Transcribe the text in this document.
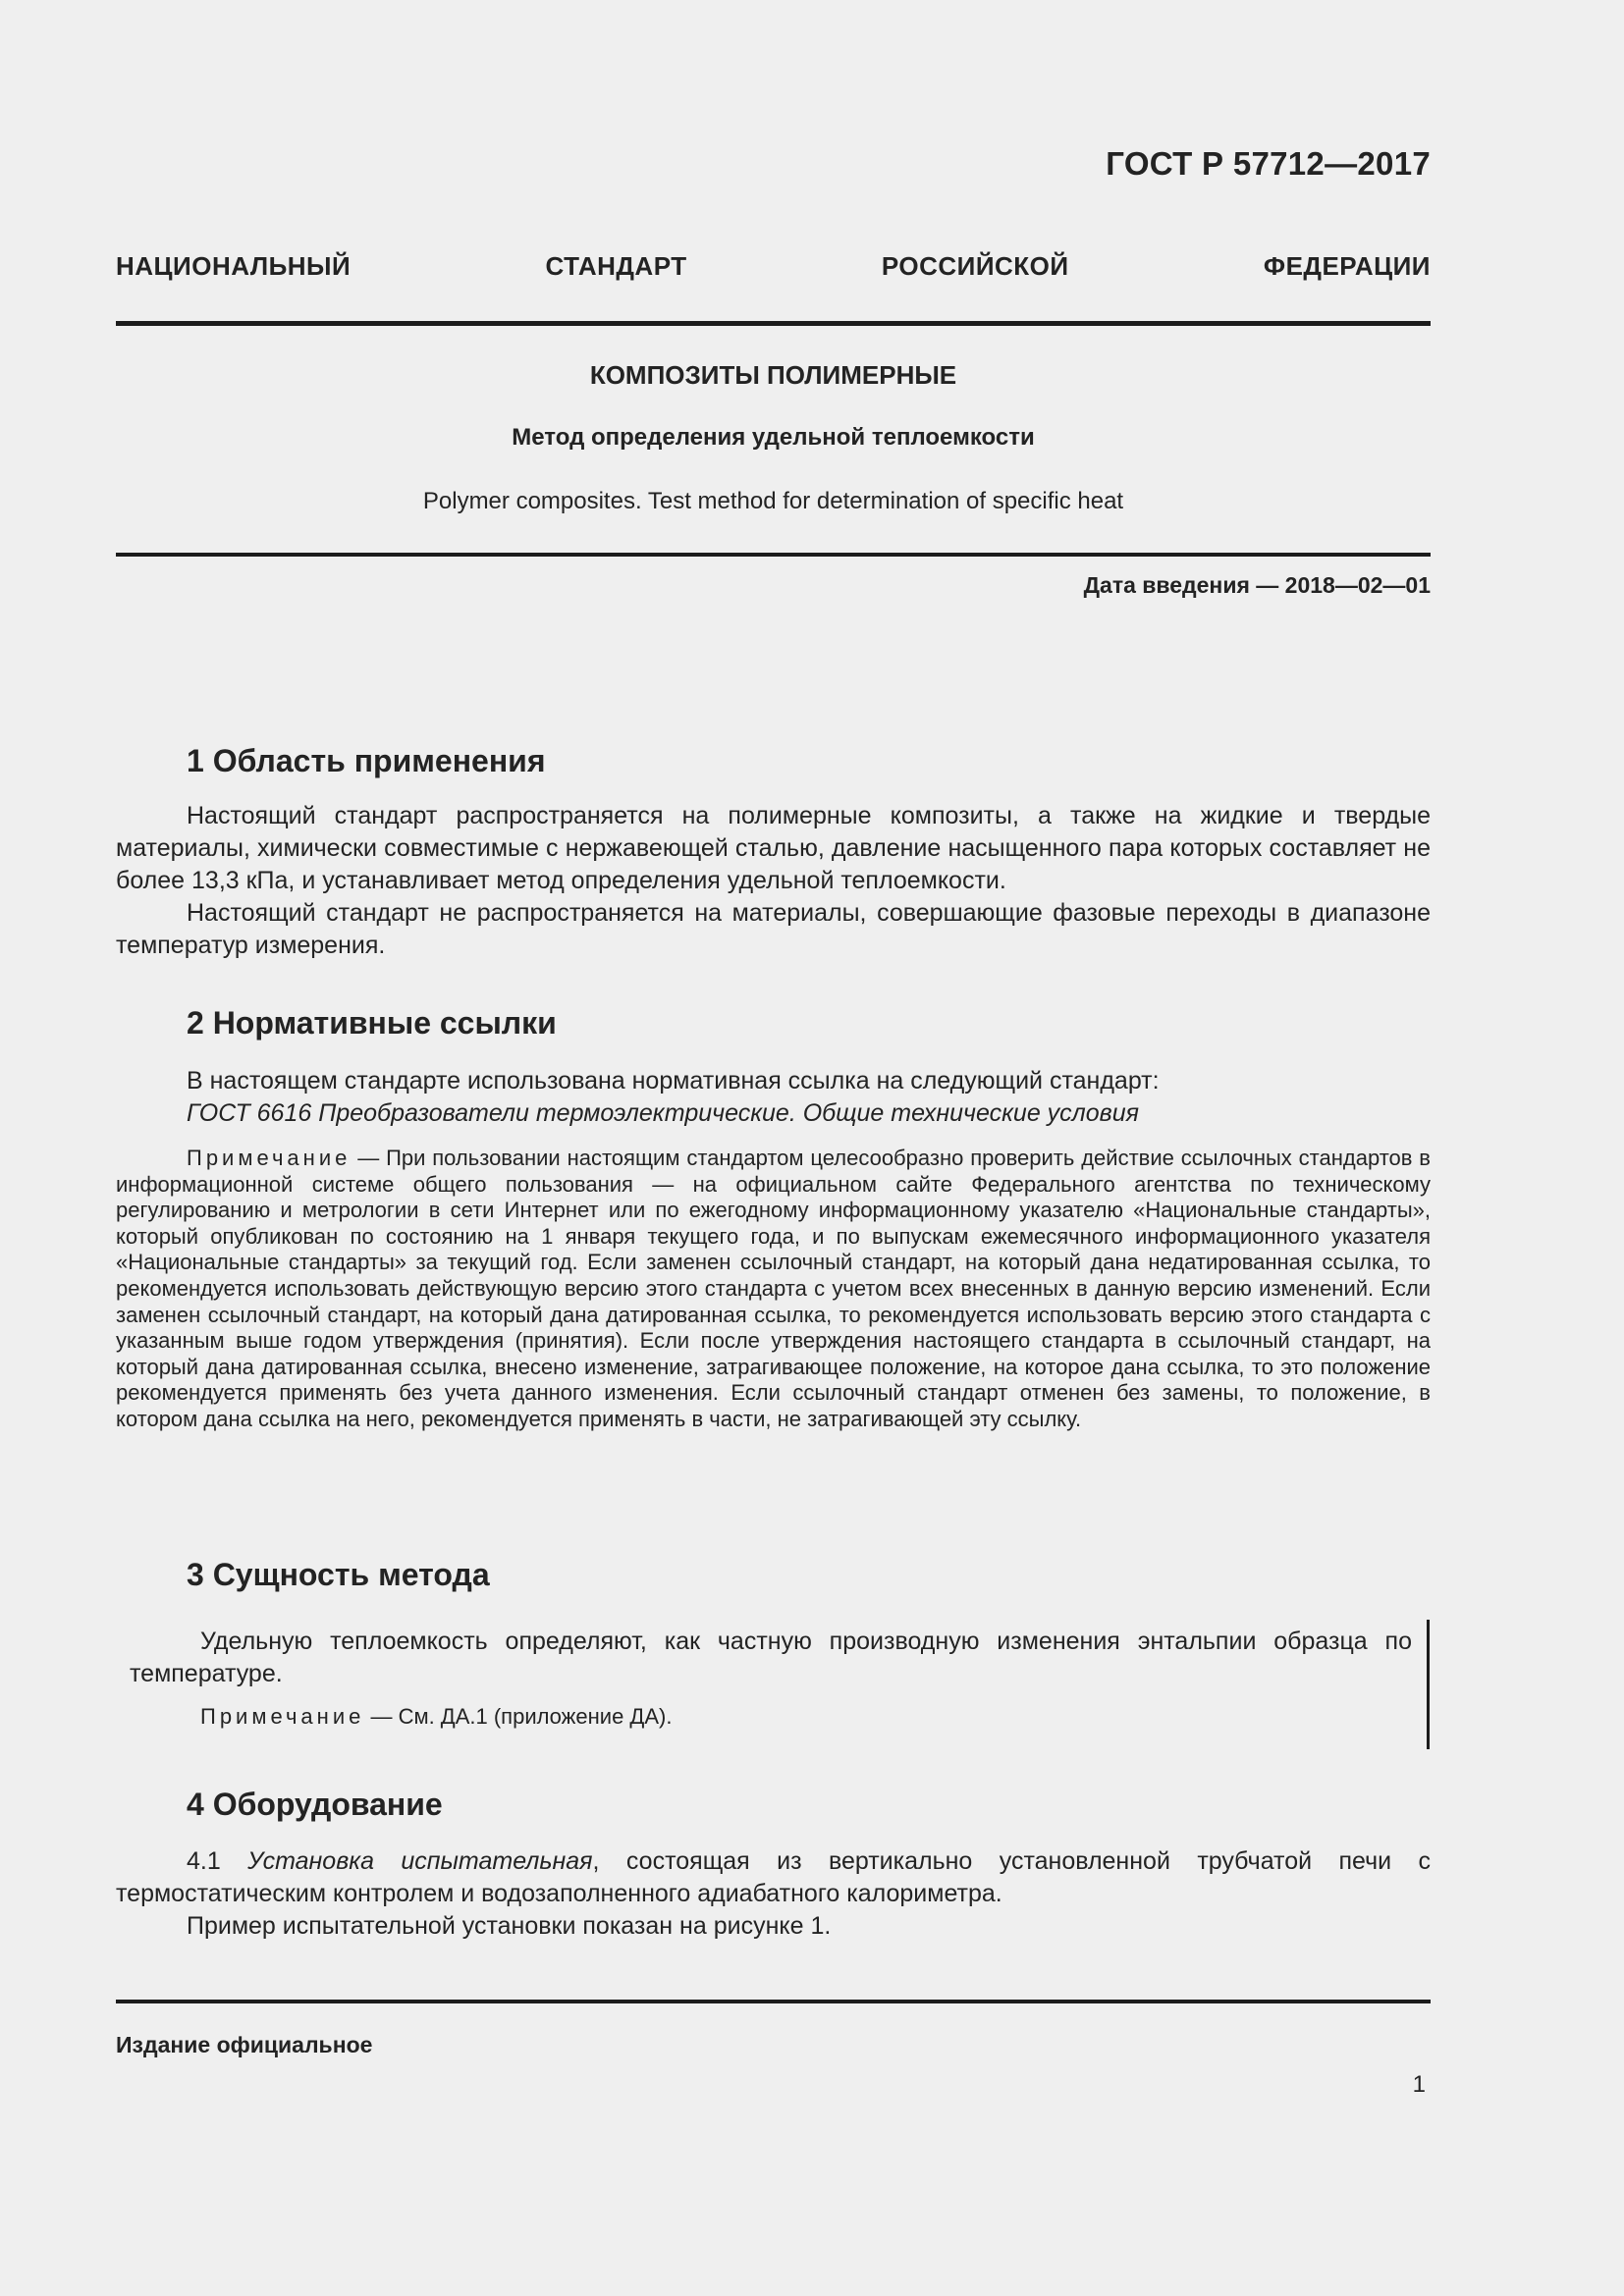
ГОСТ Р 57712—2017
НАЦИОНАЛЬНЫЙ СТАНДАРТ РОССИЙСКОЙ ФЕДЕРАЦИИ
КОМПОЗИТЫ ПОЛИМЕРНЫЕ
Метод определения удельной теплоемкости
Polymer composites. Test method for determination of specific heat
Дата введения — 2018—02—01
1 Область применения

Настоящий стандарт распространяется на полимерные композиты, а также на жидкие и твердые материалы, химически совместимые с нержавеющей сталью, давление насыщенного пара которых составляет не более 13,3 кПа, и устанавливает метод определения удельной теплоемкости.

Настоящий стандарт не распространяется на материалы, совершающие фазовые переходы в диапазоне температур измерения.

2 Нормативные ссылки

В настоящем стандарте использована нормативная ссылка на следующий стандарт:

ГОСТ 6616 Преобразователи термоэлектрические. Общие технические условия

Примечание — При пользовании настоящим стандартом целесообразно проверить действие ссылочных стандартов в информационной системе общего пользования — на официальном сайте Федерального агентства по техническому регулированию и метрологии в сети Интернет или по ежегодному информационному указателю «Национальные стандарты», который опубликован по состоянию на 1 января текущего года, и по выпускам ежемесячного информационного указателя «Национальные стандарты» за текущий год. Если заменен ссылочный стандарт, на который дана недатированная ссылка, то рекомендуется использовать действующую версию этого стандарта с учетом всех внесенных в данную версию изменений. Если заменен ссылочный стандарт, на который дана датированная ссылка, то рекомендуется использовать версию этого стандарта с указанным выше годом утверждения (принятия). Если после утверждения настоящего стандарта в ссылочный стандарт, на который дана датированная ссылка, внесено изменение, затрагивающее положение, на которое дана ссылка, то это положение рекомендуется применять без учета данного изменения. Если ссылочный стандарт отменен без замены, то положение, в котором дана ссылка на него, рекомендуется применять в части, не затрагивающей эту ссылку.

3 Сущность метода

Удельную теплоемкость определяют, как частную производную изменения энтальпии образца по температуре.

Примечание — См. ДА.1 (приложение ДА).

4 Оборудование

4.1 Установка испытательная, состоящая из вертикально установленной трубчатой печи с термостатическим контролем и водозаполненного адиабатного калориметра.

Пример испытательной установки показан на рисунке 1.

Издание официальное
1
